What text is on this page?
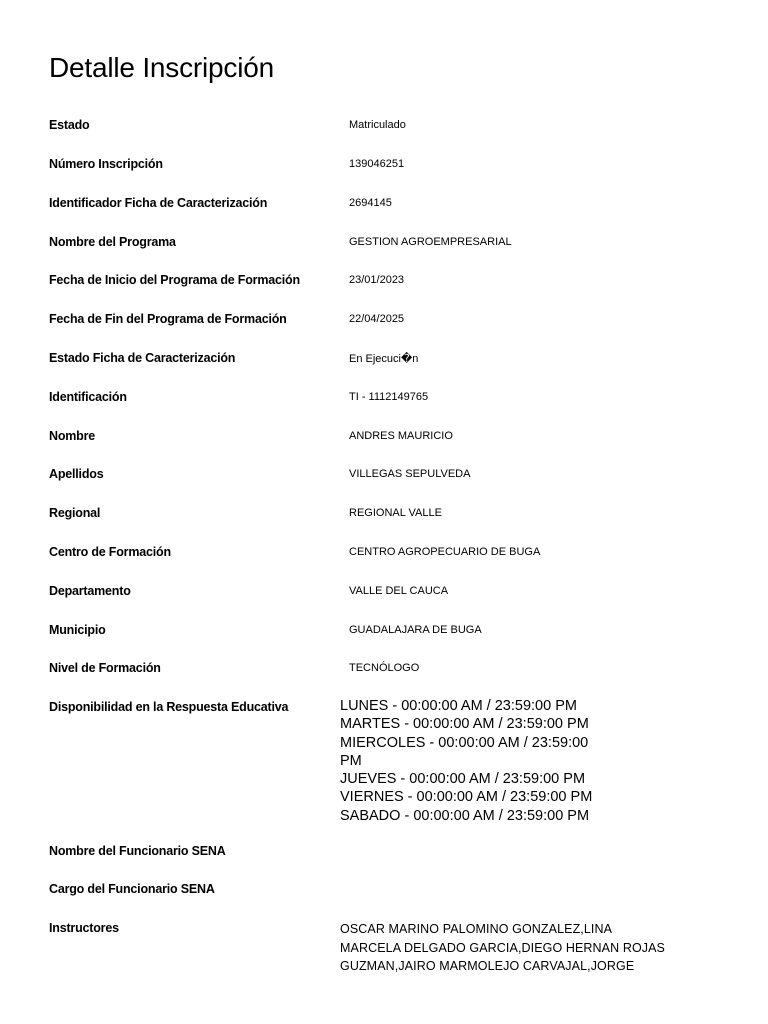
Detalle Inscripción
Estado	Matriculado
Número Inscripción	139046251
Identificador Ficha de Caracterización	2694145
Nombre del Programa	GESTION AGROEMPRESARIAL
Fecha de Inicio del Programa de Formación	23/01/2023
Fecha de Fin del Programa de Formación	22/04/2025
Estado Ficha de Caracterización	En Ejecuci�n
Identificación	TI - 1112149765
Nombre	ANDRES MAURICIO
Apellidos	VILLEGAS SEPULVEDA
Regional	REGIONAL VALLE
Centro de Formación	CENTRO AGROPECUARIO DE BUGA
Departamento	VALLE DEL CAUCA
Municipio	GUADALAJARA DE BUGA
Nivel de Formación	TECNÓLOGO
Disponibilidad en la Respuesta Educativa	LUNES - 00:00:00 AM / 23:59:00 PM
MARTES - 00:00:00 AM / 23:59:00 PM
MIERCOLES - 00:00:00 AM / 23:59:00 PM
JUEVES - 00:00:00 AM / 23:59:00 PM
VIERNES - 00:00:00 AM / 23:59:00 PM
SABADO - 00:00:00 AM / 23:59:00 PM
Nombre del Funcionario SENA
Cargo del Funcionario SENA
Instructores	OSCAR MARINO PALOMINO GONZALEZ,LINA MARCELA DELGADO GARCIA,DIEGO HERNAN ROJAS GUZMAN,JAIRO MARMOLEJO CARVAJAL,JORGE
